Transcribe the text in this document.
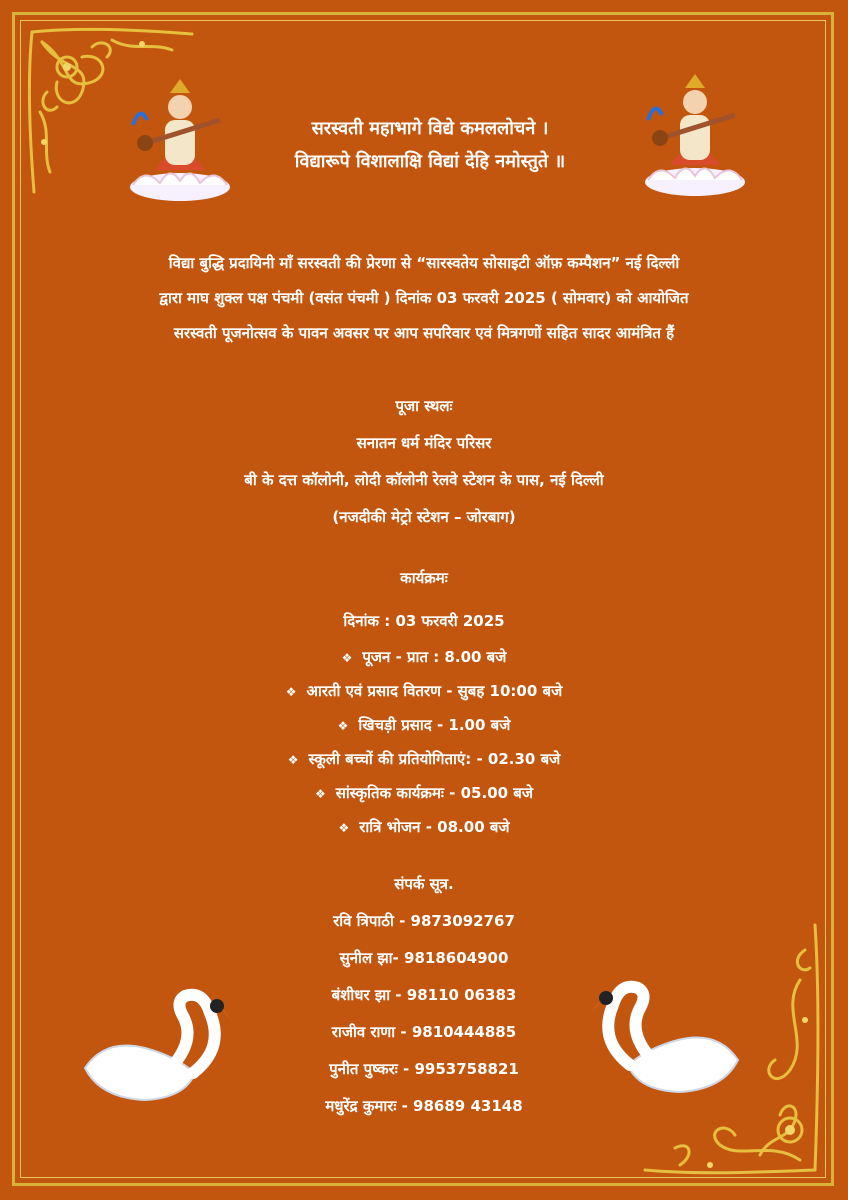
सरस्वती महाभागे विद्ये कमललोचने ।
विद्यारूपे विशालाक्षि विद्यां देहि नमोस्तुते ॥
विद्या बुद्धि प्रदायिनी माँ सरस्वती की प्रेरणा से “सारस्वतेय सोसाइटी ऑफ़ कम्पैशन” नई दिल्ली
द्वारा माघ शुक्ल पक्ष पंचमी (वसंत पंचमी ) दिनांक 03 फरवरी 2025 ( सोमवार) को आयोजित
सरस्वती पूजनोत्सव के पावन अवसर पर आप सपरिवार एवं मित्रगणों सहित सादर आमंत्रित हैं
पूजा स्थलः
सनातन धर्म मंदिर परिसर
बी के दत्त कॉलोनी, लोदी कॉलोनी रेलवे स्टेशन के पास, नई दिल्ली
(नजदीकी मेट्रो स्टेशन – जोरबाग)
कार्यक्रमः
दिनांक : 03 फरवरी 2025
❖ पूजन - प्रात : 8.00 बजे
❖ आरती एवं प्रसाद वितरण - सुबह 10:00 बजे
❖ खिचड़ी प्रसाद - 1.00 बजे
❖ स्कूली बच्चों की प्रतियोगिताएं: - 02.30 बजे
❖ सांस्कृतिक कार्यक्रमः - 05.00 बजे
❖ रात्रि भोजन - 08.00 बजे
संपर्क सूत्र.
रवि त्रिपाठी - 9873092767
सुनील झा- 9818604900
बंशीधर झा - 98110 06383
राजीव राणा - 9810444885
पुनीत पुष्करः - 9953758821
मधुरेंद्र कुमारः - 98689 43148
